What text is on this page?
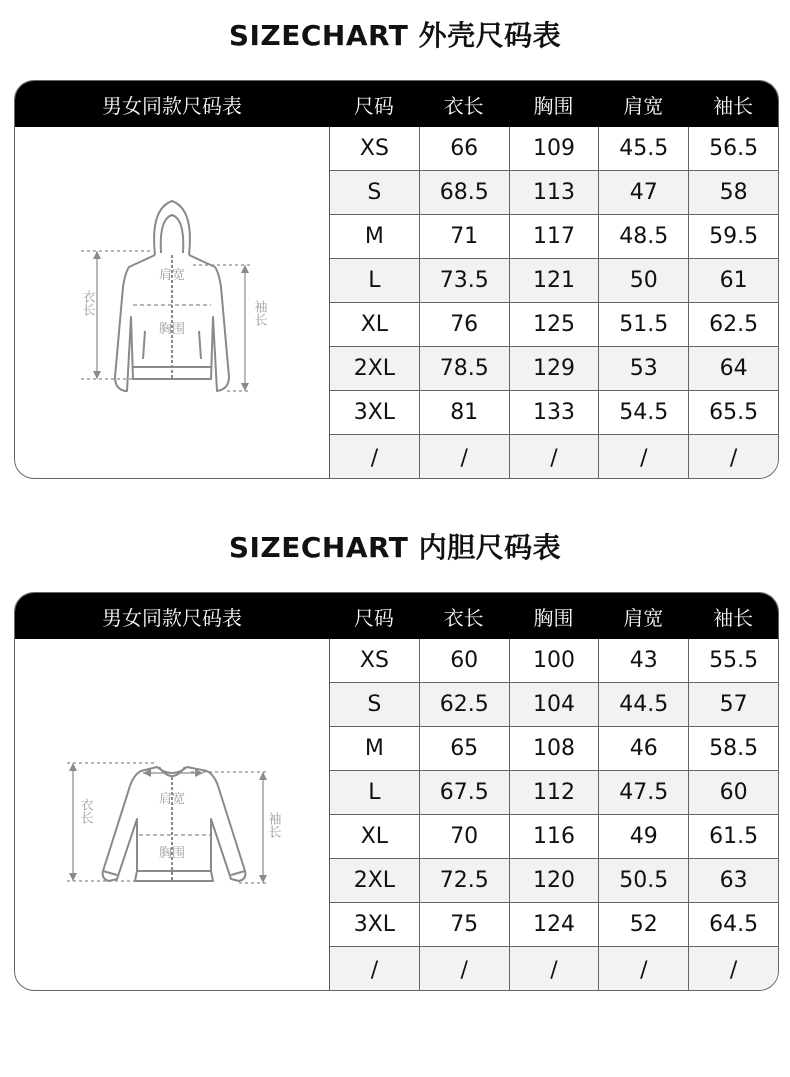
SIZECHART 外壳尺码表
男女同款尺码表	尺码	衣长	胸围	肩宽	袖长
衣长
肩宽
胸围
袖长
XS	66	109	45.5	56.5
S	68.5	113	47	58
M	71	117	48.5	59.5
L	73.5	121	50	61
XL	76	125	51.5	62.5
2XL	78.5	129	53	64
3XL	81	133	54.5	65.5
/	/	/	/	/
SIZECHART 内胆尺码表
男女同款尺码表	尺码	衣长	胸围	肩宽	袖长
衣长	肩宽
胸围
袖长
XS	60	100	43	55.5
S	62.5	104	44.5	57
M	65	108	46	58.5
L	67.5	112	47.5	60
XL	70	116	49	61.5
2XL	72.5	120	50.5	63
3XL	75	124	52	64.5
/	/	/	/	/
